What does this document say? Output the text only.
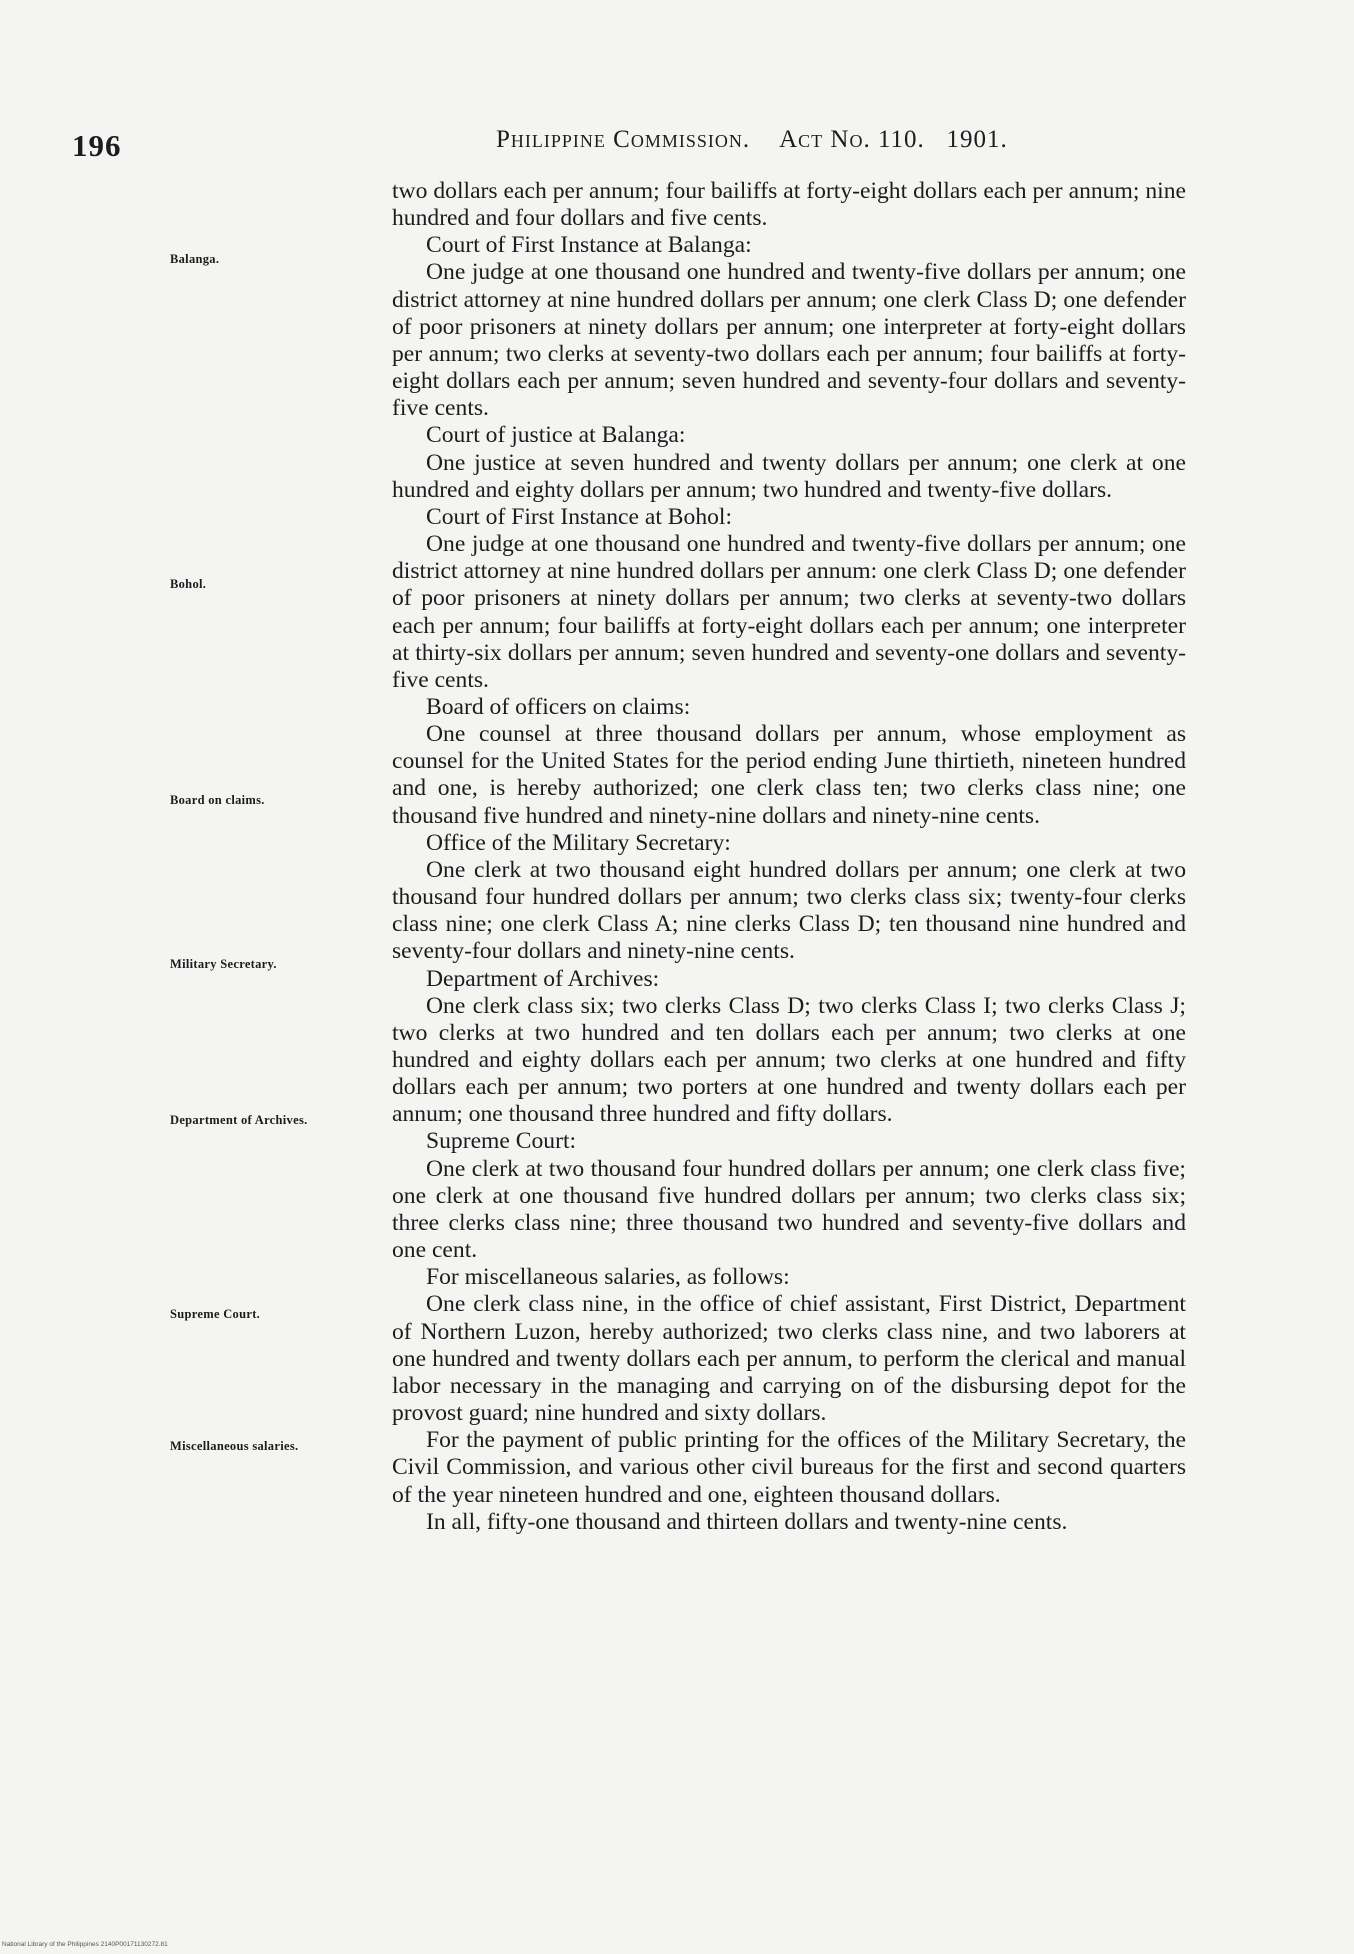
196	Philippine Commission. Act No. 110. 1901.
Balanga.
Bohol.
Board on claims.
Military Secretary.
Department of Archives.
Supreme Court.
Miscellaneous salaries.

two dollars each per annum; four bailiffs at forty-eight dollars each per annum; nine hundred and four dollars and five cents.

Court of First Instance at Balanga:

One judge at one thousand one hundred and twenty-five dollars per annum; one district attorney at nine hundred dollars per annum; one clerk Class D; one defender of poor prisoners at ninety dollars per annum; one interpreter at forty-eight dollars per annum; two clerks at seventy-two dollars each per annum; four bailiffs at forty-eight dollars each per annum; seven hundred and seventy-four dollars and seventy-five cents.

Court of justice at Balanga:

One justice at seven hundred and twenty dollars per annum; one clerk at one hundred and eighty dollars per annum; two hundred and twenty-five dollars.

Court of First Instance at Bohol:

One judge at one thousand one hundred and twenty-five dollars per annum; one district attorney at nine hundred dollars per annum: one clerk Class D; one defender of poor prisoners at ninety dollars per annum; two clerks at seventy-two dollars each per annum; four bailiffs at forty-eight dollars each per annum; one interpreter at thirty-six dollars per annum; seven hundred and seventy-one dollars and seventy-five cents.

Board of officers on claims:

One counsel at three thousand dollars per annum, whose employment as counsel for the United States for the period ending June thirtieth, nineteen hundred and one, is hereby authorized; one clerk class ten; two clerks class nine; one thousand five hundred and ninety-nine dollars and ninety-nine cents.

Office of the Military Secretary:

One clerk at two thousand eight hundred dollars per annum; one clerk at two thousand four hundred dollars per annum; two clerks class six; twenty-four clerks class nine; one clerk Class A; nine clerks Class D; ten thousand nine hundred and seventy-four dollars and ninety-nine cents.

Department of Archives:

One clerk class six; two clerks Class D; two clerks Class I; two clerks Class J; two clerks at two hundred and ten dollars each per annum; two clerks at one hundred and eighty dollars each per annum; two clerks at one hundred and fifty dollars each per annum; two porters at one hundred and twenty dollars each per annum; one thousand three hundred and fifty dollars.

Supreme Court:

One clerk at two thousand four hundred dollars per annum; one clerk class five; one clerk at one thousand five hundred dollars per annum; two clerks class six; three clerks class nine; three thousand two hundred and seventy-five dollars and one cent.

For miscellaneous salaries, as follows:

One clerk class nine, in the office of chief assistant, First District, Department of Northern Luzon, hereby authorized; two clerks class nine, and two laborers at one hundred and twenty dollars each per annum, to perform the clerical and manual labor necessary in the managing and carrying on of the disbursing depot for the provost guard; nine hundred and sixty dollars.

For the payment of public printing for the offices of the Military Secretary, the Civil Commission, and various other civil bureaus for the first and second quarters of the year nineteen hundred and one, eighteen thousand dollars.

In all, fifty-one thousand and thirteen dollars and twenty-nine cents.

National Library of the Philippines 2140P00171130272.81
